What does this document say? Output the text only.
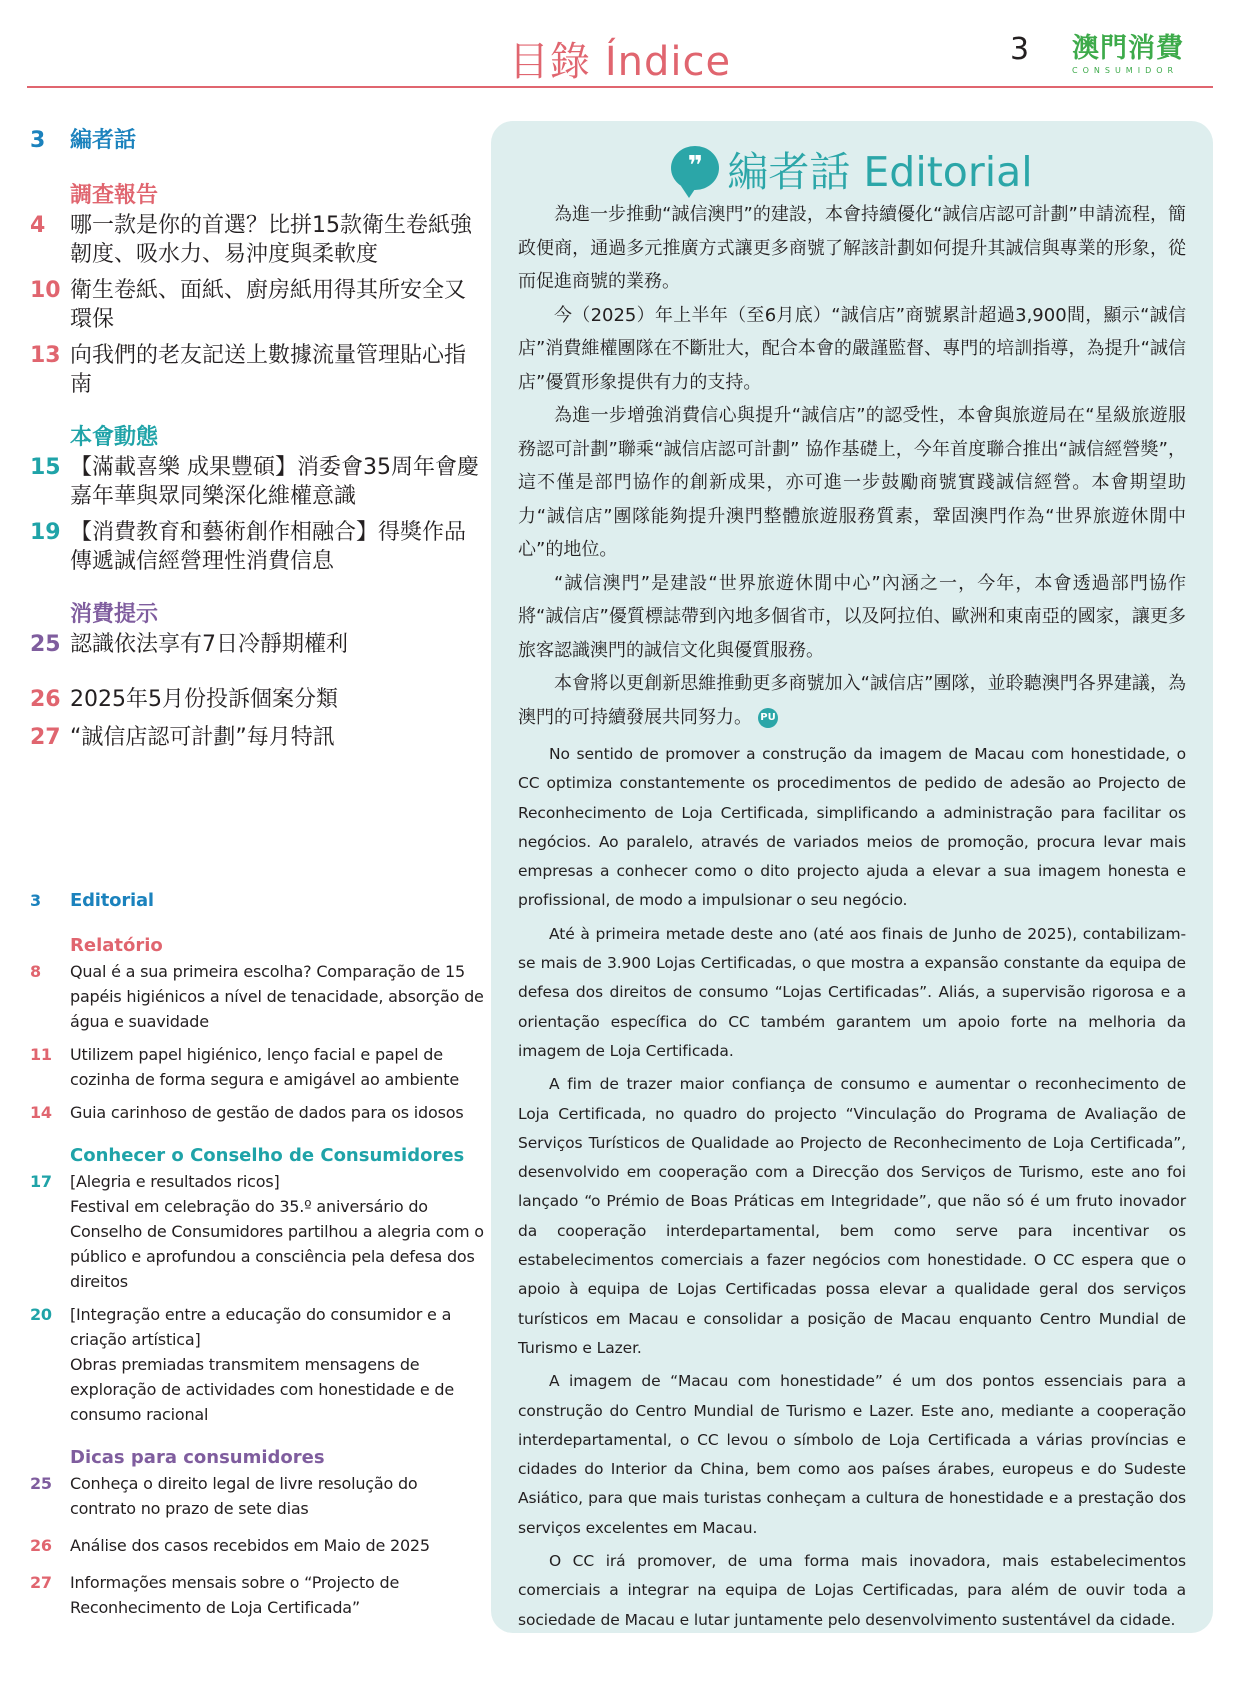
目錄 Índice	3 澳門消費
CONSUMIDOR
3	編者話
調查報告
4	哪一款是你的首選？比拼15款衛生卷紙強韌度、吸水力、易沖度與柔軟度
10 衛生卷紙、面紙、廚房紙用得其所安全又環保
13 向我們的老友記送上數據流量管理貼心指南
本會動態
15 【滿載喜樂 成果豐碩】消委會35周年會慶嘉年華與眾同樂深化維權意識
19 【消費教育和藝術創作相融合】得獎作品傳遞誠信經營理性消費信息
消費提示
25 認識依法享有7日冷靜期權利
26 2025年5月份投訴個案分類
27 “誠信店認可計劃”每月特訊
3	Editorial
Relatório
8	Qual é a sua primeira escolha? Comparação de 15 papéis higiénicos a nível de tenacidade, absorção de água e suavidade
11	Utilizem papel higiénico, lenço facial e papel de cozinha de forma segura e amigável ao ambiente
14	Guia carinhoso de gestão de dados para os idosos
Conhecer o Conselho de Consumidores
17	[Alegria e resultados ricos]
Festival em celebração do 35.º aniversário do Conselho de Consumidores partilhou a alegria com o público e aprofundou a consciência pela defesa dos direitos
20	[Integração entre a educação do consumidor e a criação artística]
Obras premiadas transmitem mensagens de exploração de actividades com honestidade e de consumo racional
Dicas para consumidores
25	Conheça o direito legal de livre resolução do contrato no prazo de sete dias
26	Análise dos casos recebidos em Maio de 2025
27	Informações mensais sobre o “Projecto de Reconhecimento de Loja Certificada”
❞ 編者話 Editorial

為進一步推動“誠信澳門”的建設，本會持續優化“誠信店認可計劃”申請流程，簡政便商，通過多元推廣方式讓更多商號了解該計劃如何提升其誠信與專業的形象，從而促進商號的業務。

今（2025）年上半年（至6月底）“誠信店”商號累計超過3,900間，顯示“誠信店”消費維權團隊在不斷壯大，配合本會的嚴謹監督、專門的培訓指導，為提升“誠信店”優質形象提供有力的支持。

為進一步增強消費信心與提升“誠信店”的認受性，本會與旅遊局在“星級旅遊服務認可計劃”聯乘“誠信店認可計劃” 協作基礎上，今年首度聯合推出“誠信經營獎”，這不僅是部門協作的創新成果，亦可進一步鼓勵商號實踐誠信經營。本會期望助力“誠信店”團隊能夠提升澳門整體旅遊服務質素，鞏固澳門作為“世界旅遊休閒中心”的地位。

“誠信澳門”是建設“世界旅遊休閒中心”內涵之一，今年，本會透過部門協作將“誠信店”優質標誌帶到內地多個省市，以及阿拉伯、歐洲和東南亞的國家，讓更多旅客認識澳門的誠信文化與優質服務。

本會將以更創新思維推動更多商號加入“誠信店”團隊，並聆聽澳門各界建議，為澳門的可持續發展共同努力。 PU

No sentido de promover a construção da imagem de Macau com honestidade, o CC optimiza constantemente os procedimentos de pedido de adesão ao Projecto de Reconhecimento de Loja Certificada, simplificando a administração para facilitar os negócios. Ao paralelo, através de variados meios de promoção, procura levar mais empresas a conhecer como o dito projecto ajuda a elevar a sua imagem honesta e profissional, de modo a impulsionar o seu negócio.

Até à primeira metade deste ano (até aos finais de Junho de 2025), contabilizam-se mais de 3.900 Lojas Certificadas, o que mostra a expansão constante da equipa de defesa dos direitos de consumo “Lojas Certificadas”. Aliás, a supervisão rigorosa e a orientação específica do CC também garantem um apoio forte na melhoria da imagem de Loja Certificada.

A fim de trazer maior confiança de consumo e aumentar o reconhecimento de Loja Certificada, no quadro do projecto “Vinculação do Programa de Avaliação de Serviços Turísticos de Qualidade ao Projecto de Reconhecimento de Loja Certificada”, desenvolvido em cooperação com a Direcção dos Serviços de Turismo, este ano foi lançado “o Prémio de Boas Práticas em Integridade”, que não só é um fruto inovador da cooperação interdepartamental, bem como serve para incentivar os estabelecimentos comerciais a fazer negócios com honestidade. O CC espera que o apoio à equipa de Lojas Certificadas possa elevar a qualidade geral dos serviços turísticos em Macau e consolidar a posição de Macau enquanto Centro Mundial de Turismo e Lazer.

A imagem de “Macau com honestidade” é um dos pontos essenciais para a construção do Centro Mundial de Turismo e Lazer. Este ano, mediante a cooperação interdepartamental, o CC levou o símbolo de Loja Certificada a várias províncias e cidades do Interior da China, bem como aos países árabes, europeus e do Sudeste Asiático, para que mais turistas conheçam a cultura de honestidade e a prestação dos serviços excelentes em Macau.

O CC irá promover, de uma forma mais inovadora, mais estabelecimentos comerciais a integrar na equipa de Lojas Certificadas, para além de ouvir toda a sociedade de Macau e lutar juntamente pelo desenvolvimento sustentável da cidade.
